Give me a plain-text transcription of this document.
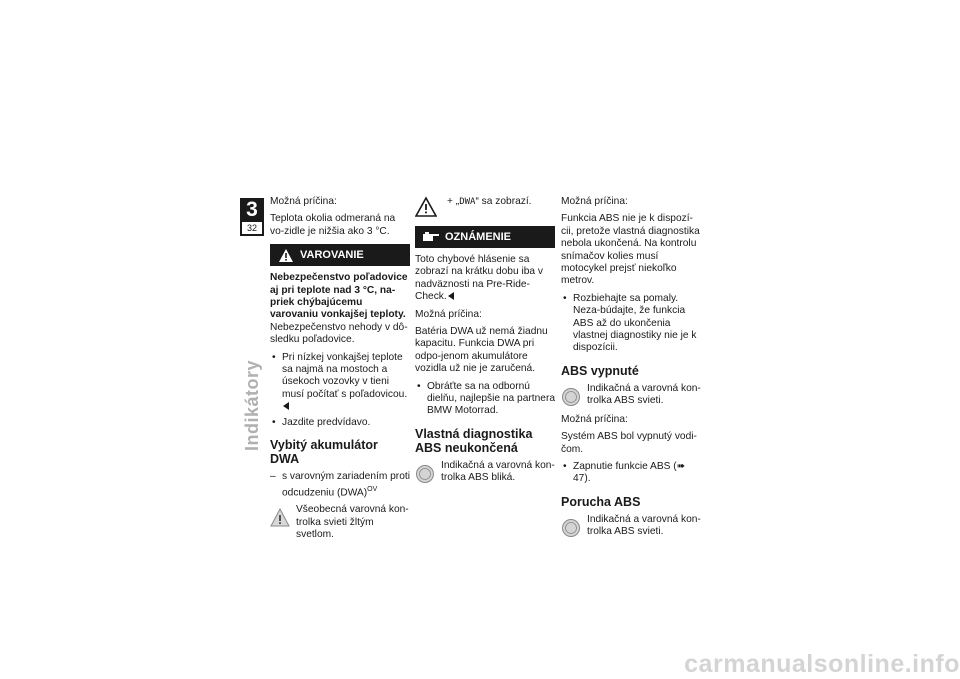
3
32
Indikátory

Možná príčina:

Teplota okolia odmeraná na vo-zidle je nižšia ako 3 °C.

VAROVANIE

Nebezpečenstvo poľadovice aj pri teplote nad 3 °C, na-priek chýbajúcemu varovaniu vonkajšej teploty.

Nebezpečenstvo nehody v dô-sledku poľadovice.

• Pri nízkej vonkajšej teplote sa najmä na mostoch a úsekoch vozovky v tieni musí počítať s poľadovicou.
• Jazdite predvídavo.
Vybitý akumulátor DWA
– s varovným zariadením proti odcudzeniu (DWA)$^{OV}$
Všeobecná varovná kon-trolka svieti žltým svetlom.
+ „DWA“ sa zobrazí.
OZNÁMENIE

Toto chybové hlásenie sa zobrazí na krátku dobu iba v nadväznosti na Pre-Ride-Check.

Možná príčina:

Batéria DWA už nemá žiadnu kapacitu. Funkcia DWA pri odpo-jenom akumulátore vozidla už nie je zaručená.

• Obráťte sa na odbornú dielňu, najlepšie na partnera BMW Motorrad.
Vlastná diagnostika ABS neukončená
Indikačná a varovná kon-trolka ABS bliká.

Možná príčina:

Funkcia ABS nie je k dispozí-cii, pretože vlastná diagnostika nebola ukončená. Na kontrolu snímačov kolies musí motocykel prejsť niekoľko metrov.

• Rozbiehajte sa pomaly. Neza-búdajte, že funkcia ABS až do ukončenia vlastnej diagnostiky nie je k dispozícii.
ABS vypnuté
Indikačná a varovná kon-trolka ABS svieti.

Možná príčina:

Systém ABS bol vypnutý vodi-čom.

• Zapnutie funkcie ABS (➠ 47).
Porucha ABS
Indikačná a varovná kon-trolka ABS svieti.
carmanualsonline.info
